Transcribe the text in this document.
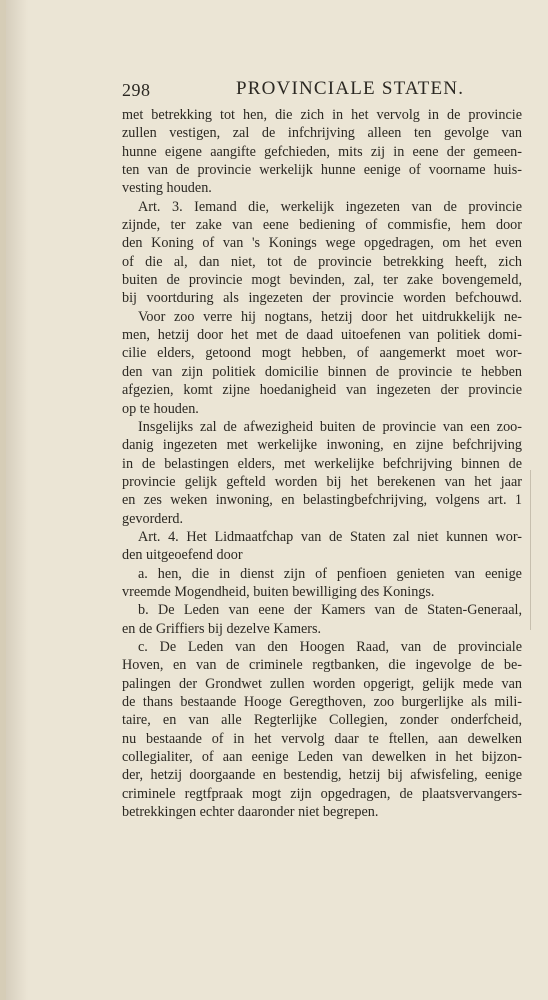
298	PROVINCIALE STATEN.
met betrekking tot hen, die zich in het vervolg in de provincie
zullen vestigen, zal de infchrijving alleen ten gevolge van
hunne eigene aangifte gefchieden, mits zij in eene der gemeen-
ten van de provincie werkelijk hunne eenige of voorname huis-
vesting houden.
Art. 3. Iemand die, werkelijk ingezeten van de provincie
zijnde, ter zake van eene bediening of commisfie, hem door
den Koning of van 's Konings wege opgedragen, om het even
of die al, dan niet, tot de provincie betrekking heeft, zich
buiten de provincie mogt bevinden, zal, ter zake bovengemeld,
bij voortduring als ingezeten der provincie worden befchouwd.
Voor zoo verre hij nogtans, hetzij door het uitdrukkelijk ne-
men, hetzij door het met de daad uitoefenen van politiek domi-
cilie elders, getoond mogt hebben, of aangemerkt moet wor-
den van zijn politiek domicilie binnen de provincie te hebben
afgezien, komt zijne hoedanigheid van ingezeten der provincie
op te houden.
Insgelijks zal de afwezigheid buiten de provincie van een zoo-
danig ingezeten met werkelijke inwoning, en zijne befchrijving
in de belastingen elders, met werkelijke befchrijving binnen de
provincie gelijk gefteld worden bij het berekenen van het jaar
en zes weken inwoning, en belastingbefchrijving, volgens art. 1
gevorderd.
Art. 4. Het Lidmaatfchap van de Staten zal niet kunnen wor-
den uitgeoefend door
a. hen, die in dienst zijn of penfioen genieten van eenige
vreemde Mogendheid, buiten bewilliging des Konings.
b. De Leden van eene der Kamers van de Staten-Generaal,
en de Griffiers bij dezelve Kamers.
c. De Leden van den Hoogen Raad, van de provinciale
Hoven, en van de criminele regtbanken, die ingevolge de be-
palingen der Grondwet zullen worden opgerigt, gelijk mede van
de thans bestaande Hooge Geregthoven, zoo burgerlijke als mili-
taire, en van alle Regterlijke Collegien, zonder onderfcheid,
nu bestaande of in het vervolg daar te ftellen, aan dewelken
collegialiter, of aan eenige Leden van dewelken in het bijzon-
der, hetzij doorgaande en bestendig, hetzij bij afwisfeling, eenige
criminele regtfpraak mogt zijn opgedragen, de plaatsvervangers-
betrekkingen echter daaronder niet begrepen.
